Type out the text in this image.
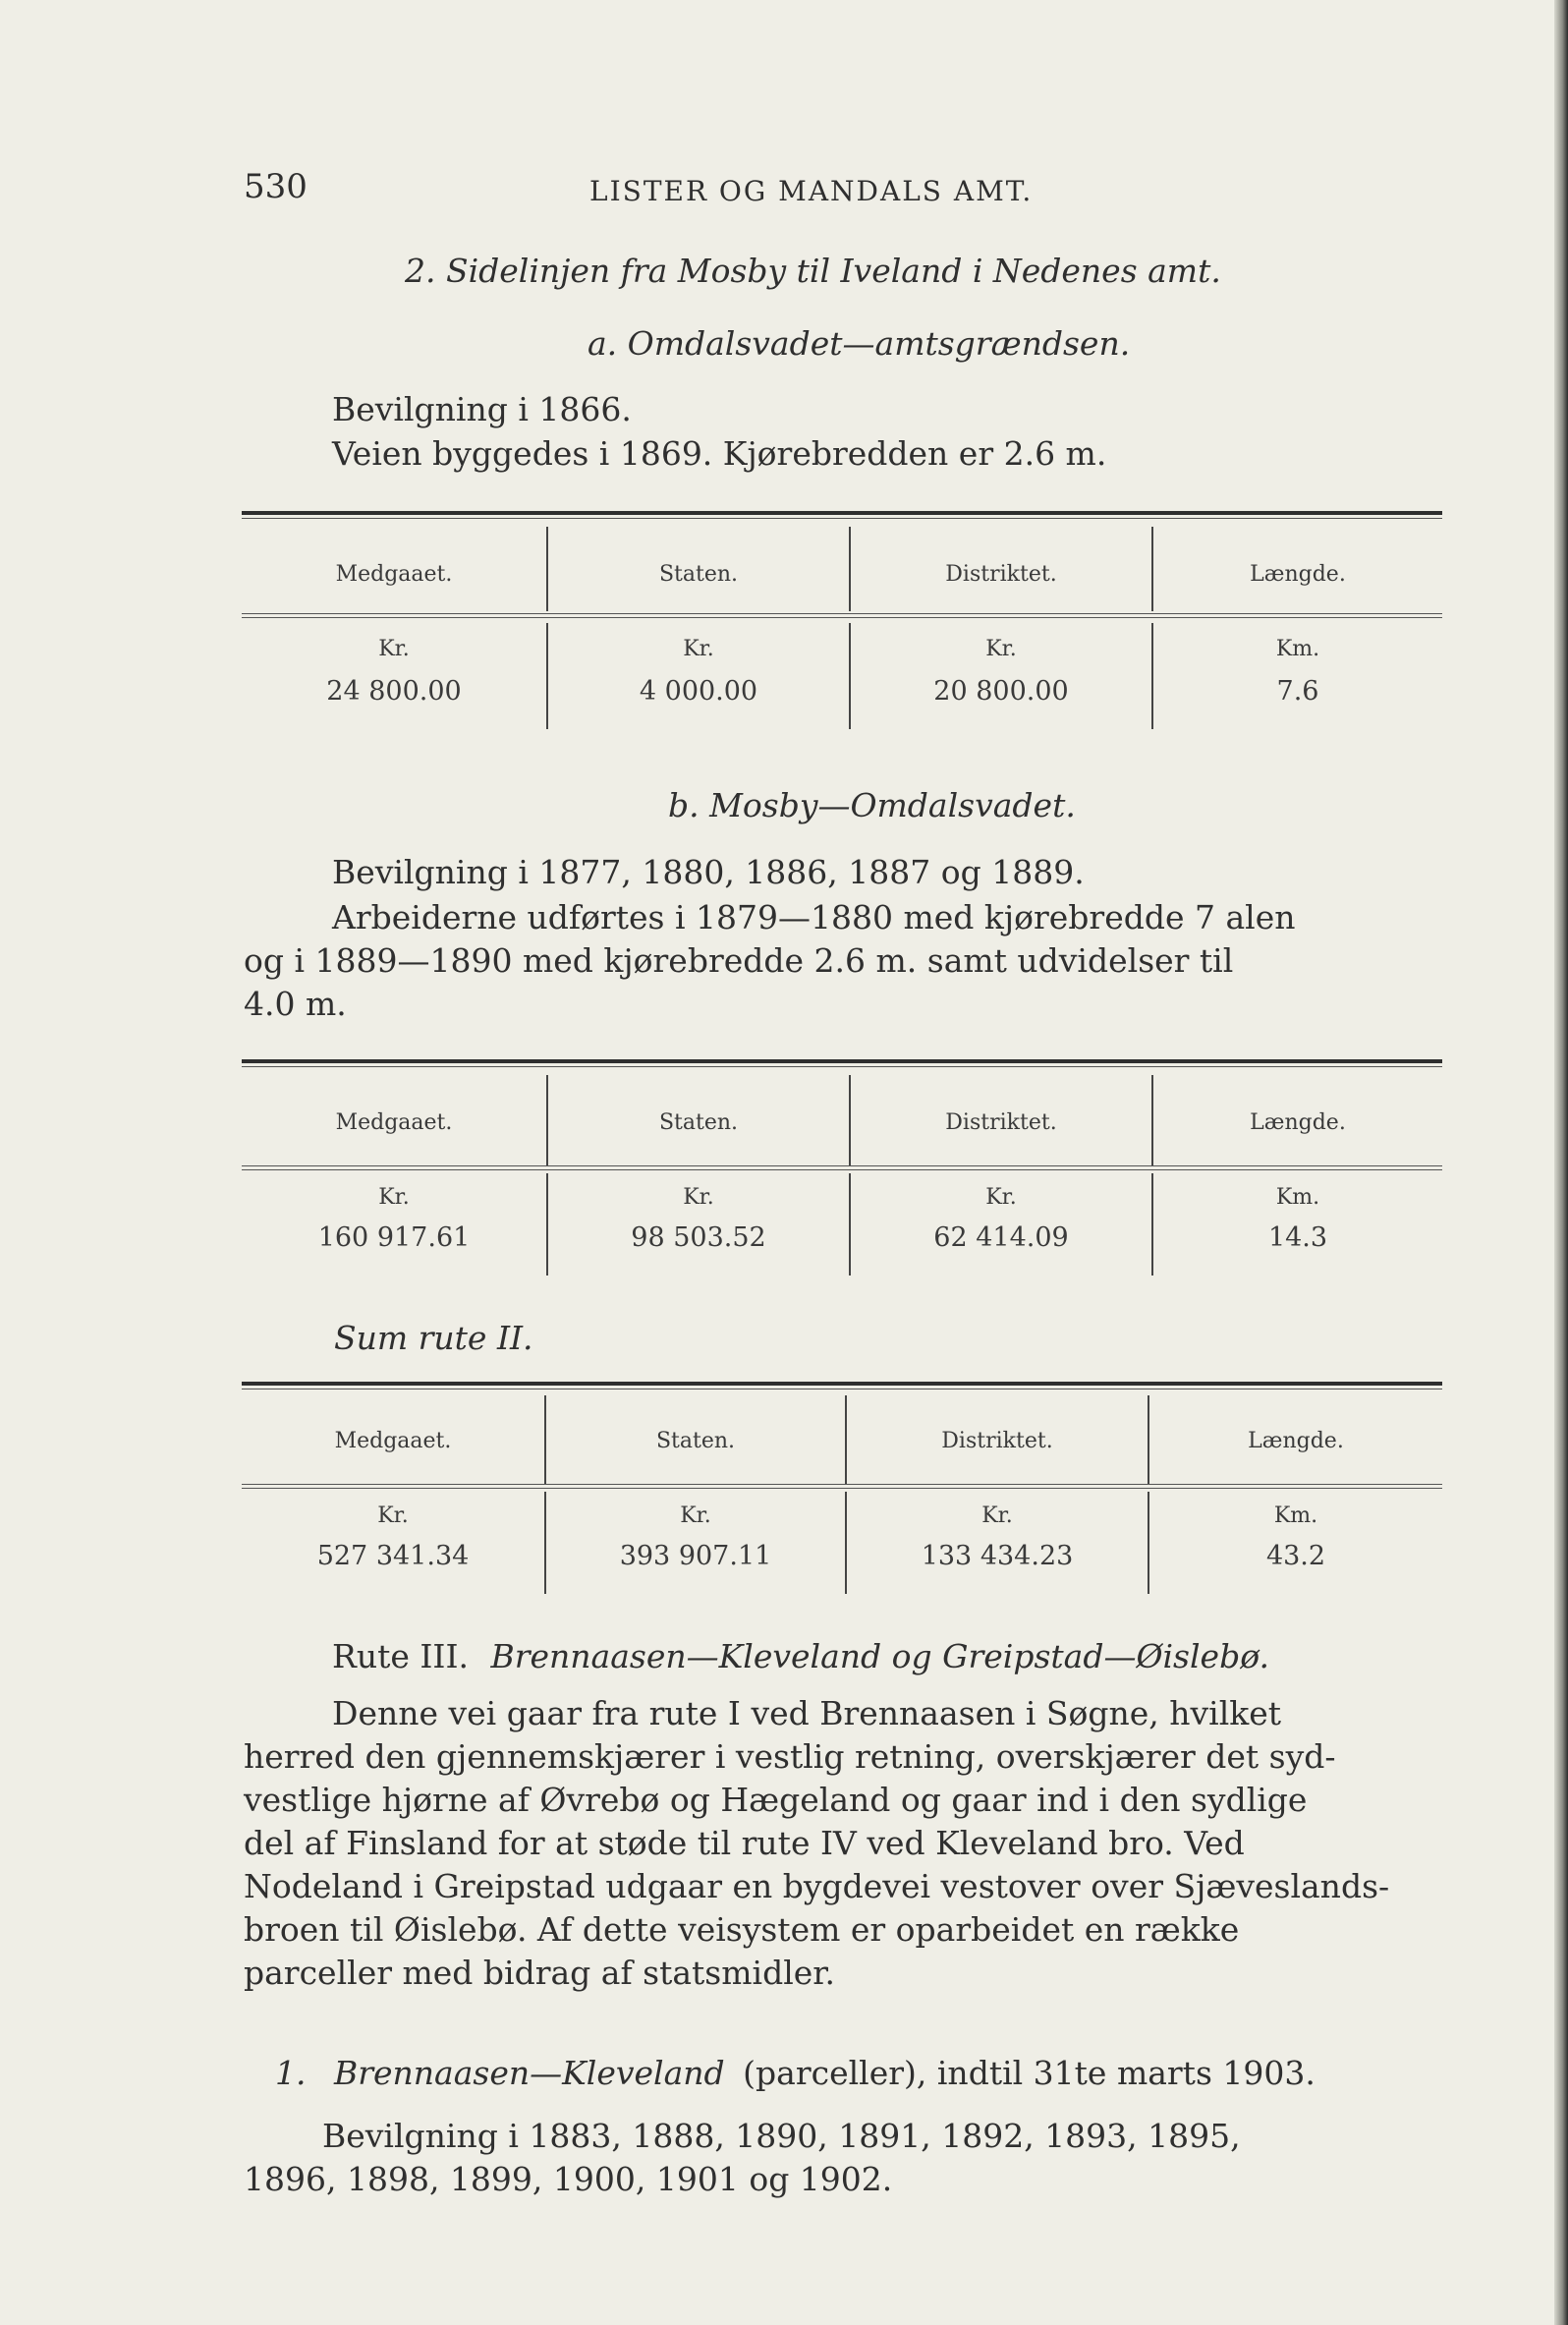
530	LISTER OG MANDALS AMT.
2. Sidelinjen fra Mosby til Iveland i Nedenes amt.
a. Omdalsvadet—amtsgrændsen.
Bevilgning i 1866.
Veien byggedes i 1869. Kjørebredden er 2.6 m.
Medgaaet.	Staten.	Distriktet.	Længde.
Kr.	Kr.	Kr.	Km.
24 800.00	4 000.00	20 800.00	7.6
b. Mosby—Omdalsvadet.
Bevilgning i 1877, 1880, 1886, 1887 og 1889.
Arbeiderne udførtes i 1879—1880 med kjørebredde 7 alen
og i 1889—1890 med kjørebredde 2.6 m. samt udvidelser til
4.0 m.
Medgaaet.	Staten.	Distriktet.	Længde.
Kr.	Kr.	Kr.	Km.
160 917.61	98 503.52	62 414.09	14.3
Sum rute II.
Medgaaet.	Staten.	Distriktet.	Længde.
Kr.	Kr.	Kr.	Km.
527 341.34	393 907.11	133 434.23	43.2
Rute III. Brennaasen—Kleveland og Greipstad—Øislebø.
Denne vei gaar fra rute I ved Brennaasen i Søgne, hvilket
herred den gjennemskjærer i vestlig retning, overskjærer det syd-
vestlige hjørne af Øvrebø og Hægeland og gaar ind i den sydlige
del af Finsland for at støde til rute IV ved Kleveland bro. Ved
Nodeland i Greipstad udgaar en bygdevei vestover over Sjæveslands-
broen til Øislebø. Af dette veisystem er oparbeidet en række
parceller med bidrag af statsmidler.
1. Brennaasen—Kleveland (parceller), indtil 31te marts 1903.
Bevilgning i 1883, 1888, 1890, 1891, 1892, 1893, 1895,
1896, 1898, 1899, 1900, 1901 og 1902.
